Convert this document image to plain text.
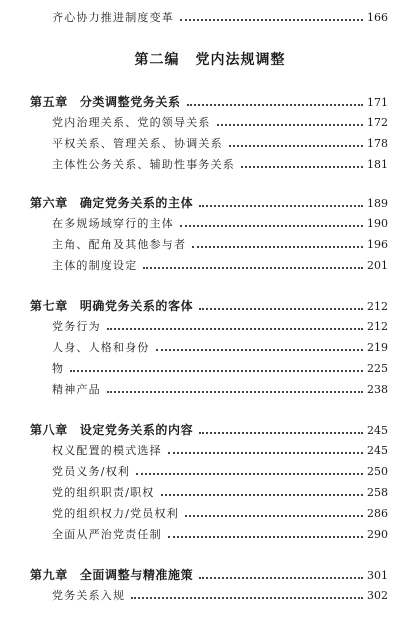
齐心协力推进制度变革	166
第二编 党内法规调整
第五章 分类调整党务关系	171
党内治理关系、党的领导关系	172
平权关系、管理关系、协调关系	178
主体性公务关系、辅助性事务关系	181
第六章 确定党务关系的主体	189
在多规场域穿行的主体	190
主角、配角及其他参与者	196
主体的制度设定	201
第七章 明确党务关系的客体	212
党务行为	212
人身、人格和身份	219
物	225
精神产品	238
第八章 设定党务关系的内容	245
权义配置的模式选择	245
党员义务/权利	250
党的组织职责/职权	258
党的组织权力/党员权利	286
全面从严治党责任制	290
第九章 全面调整与精准施策	301
党务关系入规	302
